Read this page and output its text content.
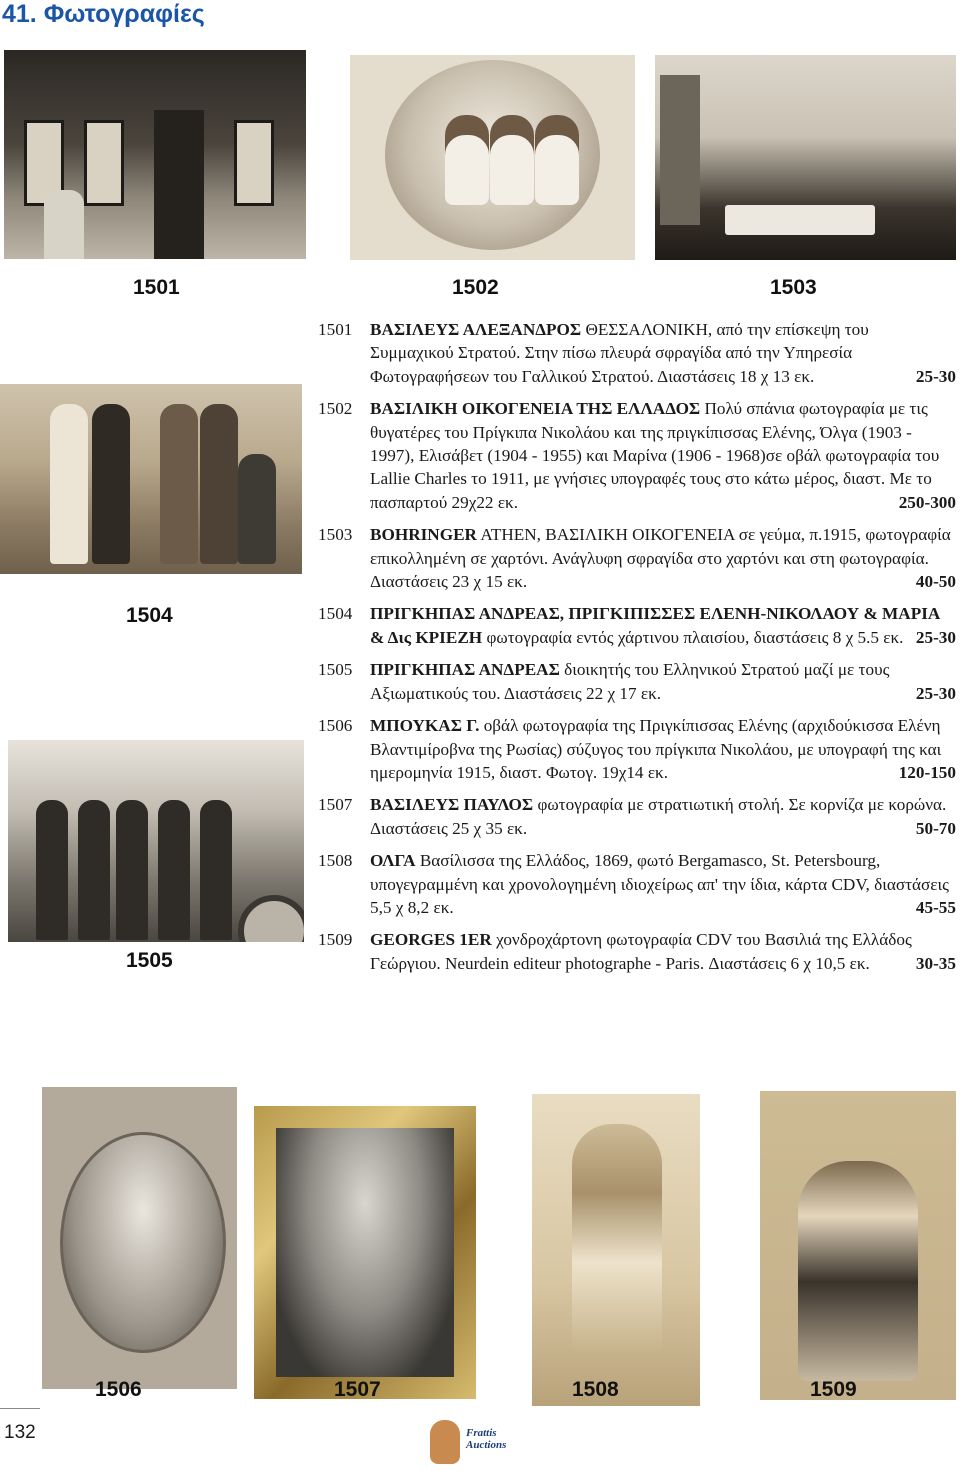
41. Φωτογραφίες
1501	1502	1503
1504
1505
1501 ΒΑΣΙΛΕΥΣ ΑΛΕΞΑΝΔΡΟΣ ΘΕΣΣΑΛΟΝΙΚΗ, από την επίσκεψη του Συμμαχικού Στρατού. Στην πίσω πλευρά σφραγίδα από την Υπηρεσία Φωτογραφήσεων του Γαλλικού Στρατού. Διαστάσεις 18 χ 13 εκ.	25-30
1502 ΒΑΣΙΛΙΚΗ ΟΙΚΟΓΕΝΕΙΑ ΤΗΣ ΕΛΛΑΔΟΣ Πολύ σπάνια φωτογραφία με τις θυγατέρες του Πρίγκιπα Νικολάου και της πριγκίπισσας Ελένης, Όλγα (1903 - 1997), Ελισάβετ (1904 - 1955) και Μαρίνα (1906 - 1968)σε οβάλ φωτογραφία του Lallie Charles το 1911, με γνήσιες υπογραφές τους στο κάτω μέρος, διαστ. Με το πασπαρτού 29χ22 εκ.	250-300
1503 BOHRINGER ATHEN, ΒΑΣΙΛΙΚΗ ΟΙΚΟΓΕΝΕΙΑ σε γεύμα, π.1915, φωτογραφία επικολλημένη σε χαρτόνι. Ανάγλυφη σφραγίδα στο χαρτόνι και στη φωτογραφία. Διαστάσεις 23 χ 15 εκ.	40-50
1504 ΠΡΙΓΚΗΠΑΣ ΑΝΔΡΕΑΣ, ΠΡΙΓΚΙΠΙΣΣΕΣ ΕΛΕΝΗ-ΝΙΚΟΛΑΟΥ & ΜΑΡΙΑ & Δις ΚΡΙΕΖΗ φωτογραφία εντός χάρτινου πλαισίου, διαστάσεις 8 χ 5.5 εκ. 25-30
1505 ΠΡΙΓΚΗΠΑΣ ΑΝΔΡΕΑΣ διοικητής του Ελληνικού Στρατού μαζί με τους Αξιωματικούς του. Διαστάσεις 22 χ 17 εκ.	25-30
1506 ΜΠΟΥΚΑΣ Γ. οβάλ φωτογραφία της Πριγκίπισσας Ελένης (αρχιδούκισσα Ελένη Βλαντιμίροβνα της Ρωσίας) σύζυγος του πρίγκιπα Νικολάου, με υπογραφή της και ημερομηνία 1915, διαστ. Φωτογ. 19χ14 εκ.	120-150
1507 ΒΑΣΙΛΕΥΣ ΠΑΥΛΟΣ φωτογραφία με στρατιωτική στολή. Σε κορνίζα με κορώνα. Διαστάσεις 25 χ 35 εκ.	50-70
1508 ΟΛΓΑ Βασίλισσα της Ελλάδος, 1869, φωτό Bergamasco, St. Petersbourg, υπογεγραμμένη και χρονολογημένη ιδιοχείρως απ' την ίδια, κάρτα CDV, διαστάσεις 5,5 χ 8,2 εκ.	45-55
1509 GEORGES 1ER χονδροχάρτονη φωτογραφία CDV του Βασιλιά της Ελλάδος Γεώργιου. Neurdein editeur photographe - Paris. Διαστάσεις 6 χ 10,5 εκ.	30-35
1506	1507	1508	1509
132	Frattis
Auctions
